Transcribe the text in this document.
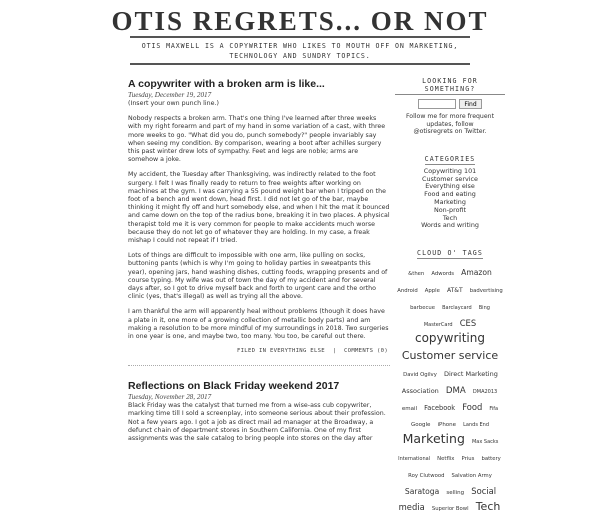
OTIS REGRETS... OR NOT
OTIS MAXWELL IS A COPYWRITER WHO LIKES TO MOUTH OFF ON MARKETING, TECHNOLOGY AND SUNDRY TOPICS.
A copywriter with a broken arm is like...
Tuesday, December 19, 2017

(Insert your own punch line.)

Nobody respects a broken arm. That's one thing I've learned after three weeks with my right forearm and part of my hand in some variation of a cast, with three more weeks to go. "What did you do, punch somebody?" people invariably say when seeing my condition. By comparison, wearing a boot after achilles surgery this past winter drew lots of sympathy. Feet and legs are noble; arms are somehow a joke.

My accident, the Tuesday after Thanksgiving, was indirectly related to the foot surgery. I felt I was finally ready to return to free weights after working on machines at the gym. I was carrying a 55 pound weight bar when I tripped on the foot of a bench and went down, head first. I did not let go of the bar, maybe thinking it might fly off and hurt somebody else, and when I hit the mat it bounced and came down on the top of the radius bone, breaking it in two places. A physical therapist told me it is very common for people to make accidents much worse because they do not let go of whatever they are holding. In my case, a freak mishap I could not repeat if I tried.

Lots of things are difficult to impossible with one arm, like pulling on socks, buttoning pants (which is why I'm going to holiday parties in sweatpants this year), opening jars, hand washing dishes, cutting foods, wrapping presents and of course typing. My wife was out of town the day of my accident and for several days after, so I got to drive myself back and forth to urgent care and the ortho clinic (yes, that's illegal) as well as trying all the above.

I am thankful the arm will apparently heal without problems (though it does have a plate in it, one more of a growing collection of metallic body parts) and am making a resolution to be more mindful of my surroundings in 2018. Two surgeries in one year is one, and maybe two, too many. You too, be careful out there.

FILED IN EVERYTHING ELSE | COMMENTS (0)
Reflections on Black Friday weekend 2017
Tuesday, November 28, 2017

Black Friday was the catalyst that turned me from a wise-ass cub copywriter, marking time till I sold a screenplay, into someone serious about their profession. Not a few years ago. I got a job as direct mail ad manager at the Broadway, a defunct chain of department stores in Southern California. One of my first assignments was the sale catalog to bring people into stores on the day after

LOOKING FOR SOMETHING?
Find
Follow me for more frequent updates, follow
@otisregrets on Twitter.
CATEGORIES
Copywriting 101
Customer service
Everything else
Food and eating
Marketing
Non-profit
Tech
Words and writing
CLOUD O' TAGS
&then Adwords Amazon Android Apple AT&T badvertising barbecue Barclaycard Bing MasterCard CES copywriting Customer service David Ogilvy Direct Marketing Association DMA DMA2013 email Facebook Food Fifa Google iPhone Lands End Marketing Max Sacks International Netflix Prius battery Roy Clutwood Salvation Army Saratoga selling Social media Superior Bowl Tech
